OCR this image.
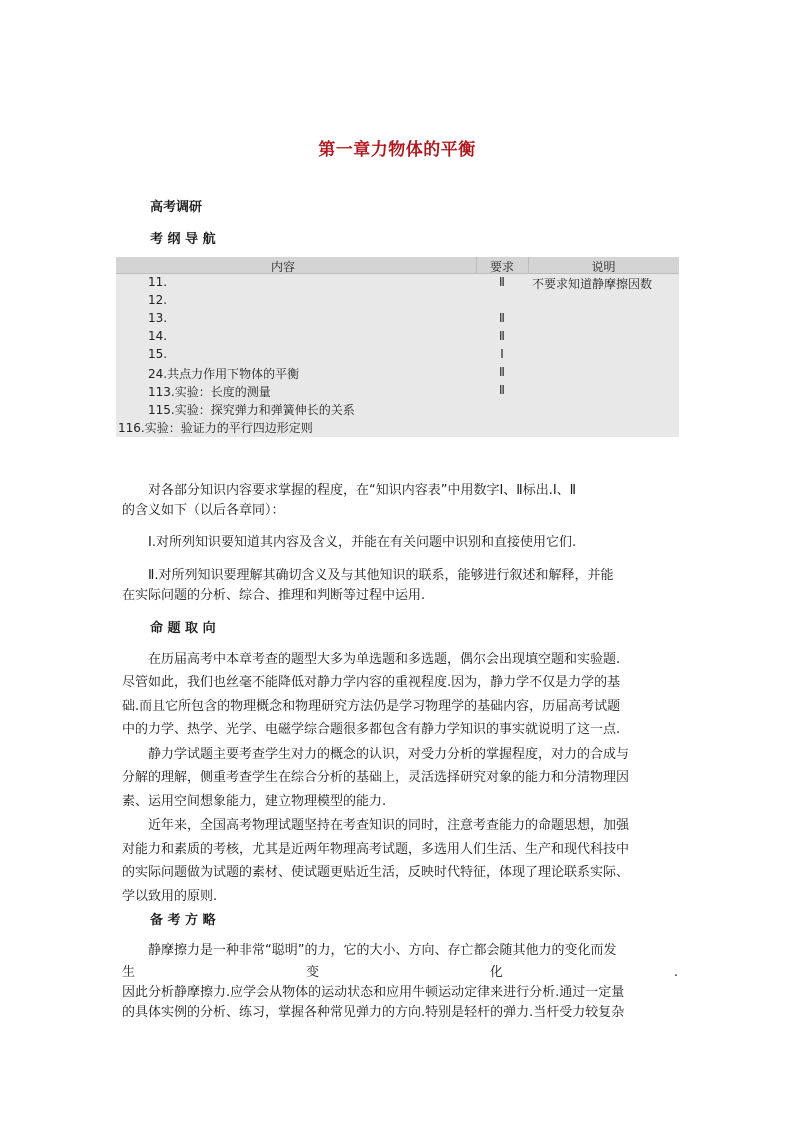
第一章力物体的平衡
高考调研
考 纲 导 航
内容	要求	说明
11.	Ⅱ	不要求知道静摩擦因数
12.
13.	Ⅱ
14.	Ⅱ
15.	Ⅰ
24.共点力作用下物体的平衡	Ⅱ
113.实验：长度的测量	Ⅱ
115.实验：探究弹力和弹簧伸长的关系
116.实验：验证力的平行四边形定则
对各部分知识内容要求掌握的程度，在“知识内容表”中用数字Ⅰ、Ⅱ标出.Ⅰ、Ⅱ
的含义如下（以后各章同）：
Ⅰ.对所列知识要知道其内容及含义，并能在有关问题中识别和直接使用它们.
Ⅱ.对所列知识要理解其确切含义及与其他知识的联系，能够进行叙述和解释，并能
在实际问题的分析、综合、推理和判断等过程中运用.
命 题 取 向
在历届高考中本章考查的题型大多为单选题和多选题，偶尔会出现填空题和实验题.
尽管如此，我们也丝毫不能降低对静力学内容的重视程度.因为，静力学不仅是力学的基
础.而且它所包含的物理概念和物理研究方法仍是学习物理学的基础内容，历届高考试题
中的力学、热学、光学、电磁学综合题很多都包含有静力学知识的事实就说明了这一点.
静力学试题主要考查学生对力的概念的认识，对受力分析的掌握程度，对力的合成与
分解的理解，侧重考查学生在综合分析的基础上，灵活选择研究对象的能力和分清物理因
素、运用空间想象能力，建立物理模型的能力.
近年来，全国高考物理试题坚持在考查知识的同时，注意考查能力的命题思想，加强
对能力和素质的考核，尤其是近两年物理高考试题，多选用人们生活、生产和现代科技中
的实际问题做为试题的素材、使试题更贴近生活，反映时代特征，体现了理论联系实际、
学以致用的原则.
备 考 方 略
静摩擦力是一种非常“聪明”的力，它的大小、方向、存亡都会随其他力的变化而发
生	变	化	.
因此分析静摩擦力.应学会从物体的运动状态和应用牛顿运动定律来进行分析.通过一定量
的具体实例的分析、练习，掌握各种常见弹力的方向.特别是轻杆的弹力.当杆受力较复杂
